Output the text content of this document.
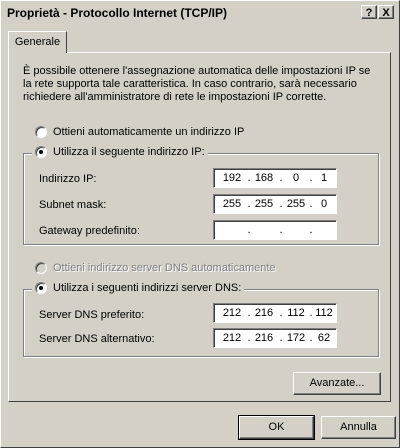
Proprietà - Protocollo Internet (TCP/IP)	? X
Generale
È possibile ottenere l'assegnazione automatica delle impostazioni IP se la rete supporta tale caratteristica. In caso contrario, sarà necessario richiedere all'amministratore di rete le impostazioni IP corrette.
Ottieni automaticamente un indirizzo IP
Utilizza il seguente indirizzo IP:
Indirizzo IP:	192 . 168 . 0 . 1
Subnet mask:	255 . 255 . 255 . 0
Gateway predefinito:	.	. .
Ottieni indirizzo server DNS automaticamente
Utilizza i seguenti indirizzi server DNS:
Server DNS preferito:	212 . 216 . 112 . 112
Server DNS alternativo:	212 . 216 . 172 . 62
Avanzate...
OK	Annulla
